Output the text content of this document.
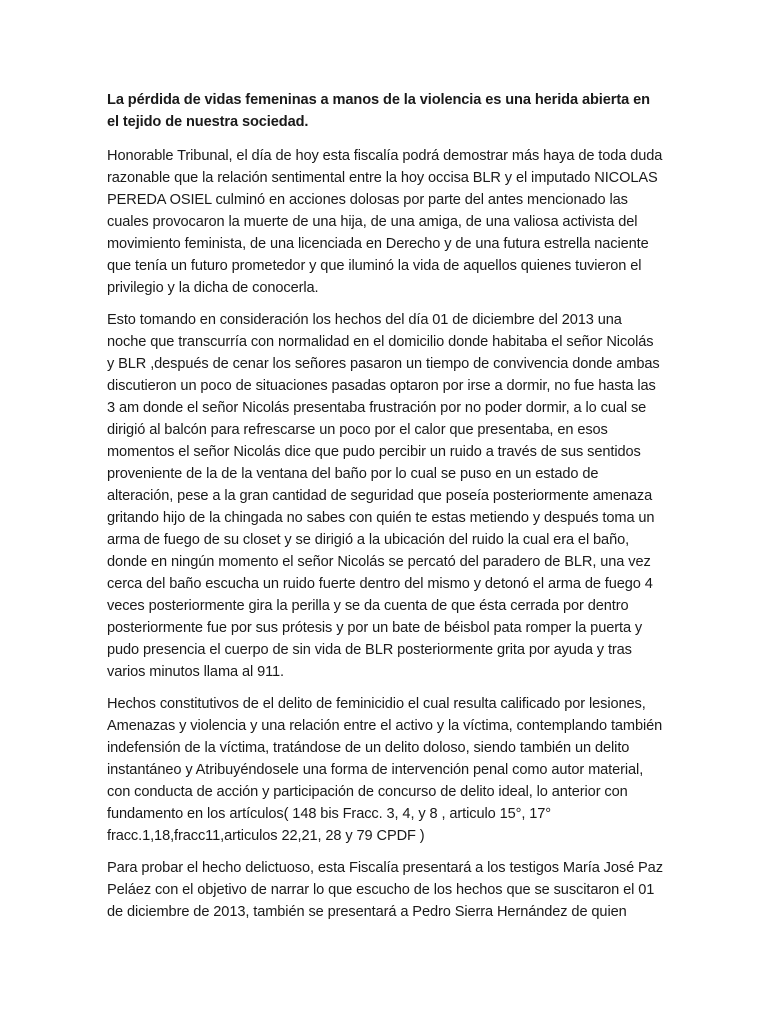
La pérdida de vidas femeninas a manos de la violencia es una herida abierta en el tejido de nuestra sociedad.

Honorable Tribunal, el día de hoy esta fiscalía podrá demostrar más haya de toda duda razonable que la relación sentimental entre la hoy occisa BLR y el imputado NICOLAS PEREDA OSIEL culminó en acciones dolosas por parte del antes mencionado las cuales provocaron la muerte de una hija, de una amiga, de una valiosa activista del movimiento feminista, de una licenciada en Derecho y de una futura estrella naciente que tenía un futuro prometedor y que iluminó la vida de aquellos quienes tuvieron el privilegio y la dicha de conocerla.

Esto tomando en consideración los hechos del día 01 de diciembre del 2013 una noche que transcurría con normalidad en el domicilio donde habitaba el señor Nicolás y BLR ,después de cenar los señores pasaron un tiempo de convivencia donde ambas discutieron un poco de situaciones pasadas optaron por irse a dormir, no fue hasta las 3 am donde el señor Nicolás presentaba frustración por no poder dormir, a lo cual se dirigió al balcón para refrescarse un poco por el calor que presentaba, en esos momentos el señor Nicolás dice que pudo percibir un ruido a través de sus sentidos proveniente de la de la ventana del baño por lo cual se puso en un estado de alteración, pese a la gran cantidad de seguridad que poseía posteriormente amenaza gritando hijo de la chingada no sabes con quién te estas metiendo y después toma un arma de fuego de su closet y se dirigió a la ubicación del ruido la cual era el baño, donde en ningún momento el señor Nicolás se percató del paradero de BLR, una vez cerca del baño escucha un ruido fuerte dentro del mismo y detonó el arma de fuego 4 veces posteriormente gira la perilla y se da cuenta de que ésta cerrada por dentro posteriormente fue por sus prótesis y por un bate de béisbol pata romper la puerta y pudo presencia el cuerpo de sin vida de BLR posteriormente grita por ayuda y tras varios minutos llama al 911.

Hechos constitutivos de el delito de feminicidio el cual resulta calificado por lesiones, Amenazas y violencia y una relación entre el activo y la víctima, contemplando también indefensión de la víctima, tratándose de un delito doloso, siendo también un delito instantáneo y Atribuyéndosele una forma de intervención penal como autor material, con conducta de acción y participación de concurso de delito ideal, lo anterior con fundamento en los artículos( 148 bis Fracc. 3, 4, y 8 , articulo 15°, 17° fracc.1,18,fracc11,articulos 22,21, 28 y 79 CPDF )

Para probar el hecho delictuoso, esta Fiscalía presentará a los testigos María José Paz Peláez con el objetivo de narrar lo que escucho de los hechos que se suscitaron el 01 de diciembre de 2013, también se presentará a Pedro Sierra Hernández de quien
